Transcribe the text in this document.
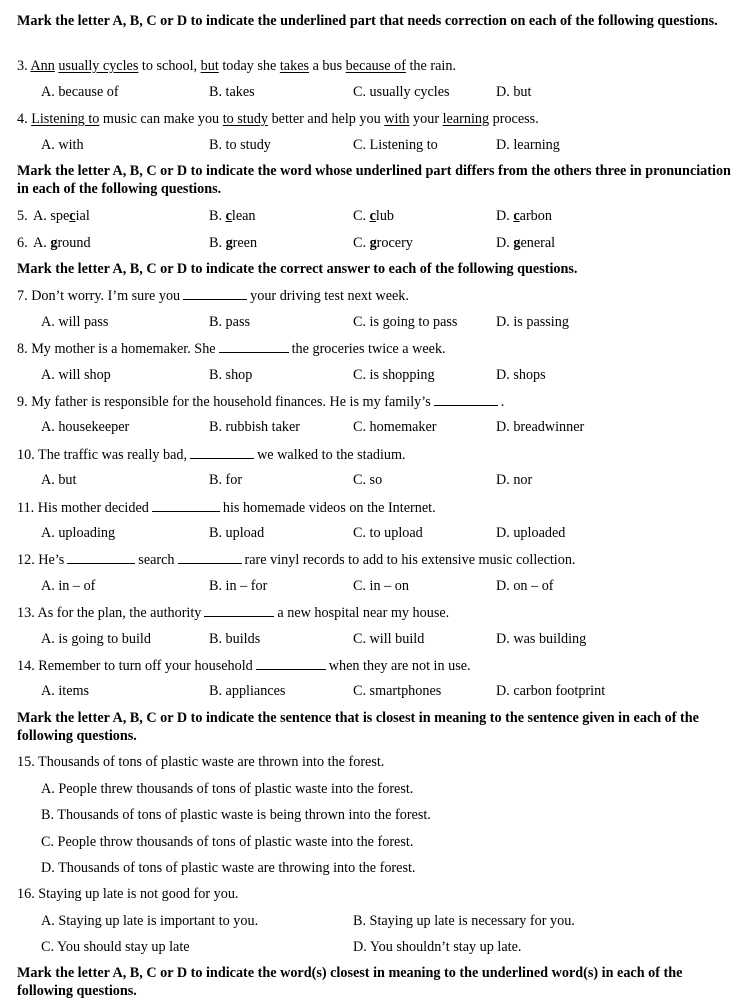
Mark the letter A, B, C or D to indicate the underlined part that needs correction on each of the following questions.
3. Ann usually cycles to school, but today she takes a bus because of the rain.
A. because of	B. takes	C. usually cycles	D. but
4. Listening to music can make you to study better and help you with your learning process.
A. with	B. to study	C. Listening to	D. learning
Mark the letter A, B, C or D to indicate the word whose underlined part differs from the others three in pronunciation in each of the following questions.
5. A. special	B. clean	C. club	D. carbon
6. A. ground	B. green	C. grocery	D. general
Mark the letter A, B, C or D to indicate the correct answer to each of the following questions.
7. Don’t worry. I’m sure you	your driving test next week.
A. will pass	B. pass	C. is going to pass	D. is passing
8. My mother is a homemaker. She	the groceries twice a week.
A. will shop	B. shop	C. is shopping	D. shops
9. My father is responsible for the household finances. He is my family’s	.
A. housekeeper	B. rubbish taker	C. homemaker	D. breadwinner
10. The traffic was really bad,	we walked to the stadium.
A. but	B. for	C. so	D. nor
11. His mother decided	his homemade videos on the Internet.
A. uploading	B. upload	C. to upload	D. uploaded
12. He’s	search	rare vinyl records to add to his extensive music collection.
A. in – of	B. in – for	C. in – on	D. on – of
13. As for the plan, the authority	a new hospital near my house.
A. is going to build	B. builds	C. will build	D. was building
14. Remember to turn off your household	when they are not in use.
A. items	B. appliances	C. smartphones	D. carbon footprint
Mark the letter A, B, C or D to indicate the sentence that is closest in meaning to the sentence given in each of the following questions.
15. Thousands of tons of plastic waste are thrown into the forest.
A. People threw thousands of tons of plastic waste into the forest.
B. Thousands of tons of plastic waste is being thrown into the forest.
C. People throw thousands of tons of plastic waste into the forest.
D. Thousands of tons of plastic waste are throwing into the forest.
16. Staying up late is not good for you.
A. Staying up late is important to you.	B. Staying up late is necessary for you.
C. You should stay up late	D. You shouldn’t stay up late.
Mark the letter A, B, C or D to indicate the word(s) closest in meaning to the underlined word(s) in each of the following questions.
